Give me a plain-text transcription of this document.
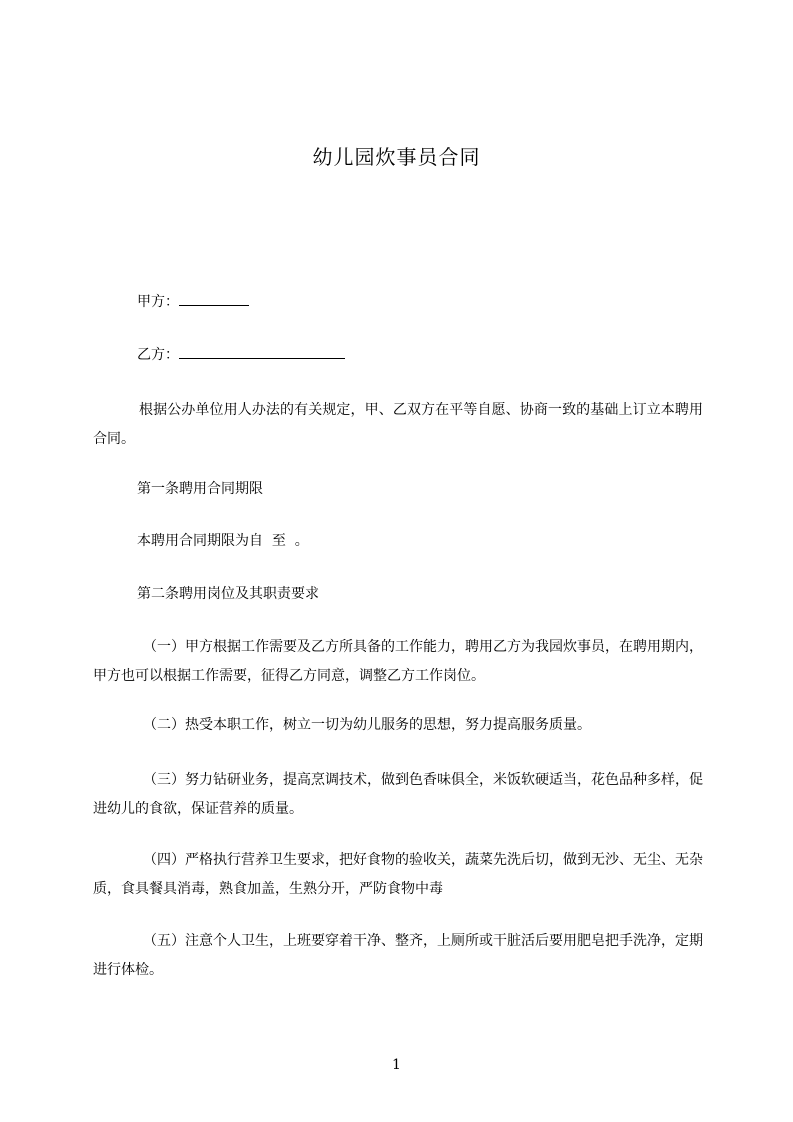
幼儿园炊事员合同
甲方：
乙方：
根据公办单位用人办法的有关规定，甲、乙双方在平等自愿、协商一致的基础上订立本聘用合同。
第一条聘用合同期限
本聘用合同期限为自  至  。
第二条聘用岗位及其职责要求
（一）甲方根据工作需要及乙方所具备的工作能力，聘用乙方为我园炊事员，在聘用期内，甲方也可以根据工作需要，征得乙方同意，调整乙方工作岗位。
（二）热受本职工作，树立一切为幼儿服务的思想，努力提高服务质量。
（三）努力钻研业务，提高烹调技术，做到色香味俱全，米饭软硬适当，花色品种多样，促进幼儿的食欲，保证营养的质量。
（四）严格执行营养卫生要求，把好食物的验收关，蔬菜先洗后切，做到无沙、无尘、无杂质，食具餐具消毒，熟食加盖，生熟分开，严防食物中毒
（五）注意个人卫生，上班要穿着干净、整齐，上厕所或干脏活后要用肥皂把手洗净，定期进行体检。
1
